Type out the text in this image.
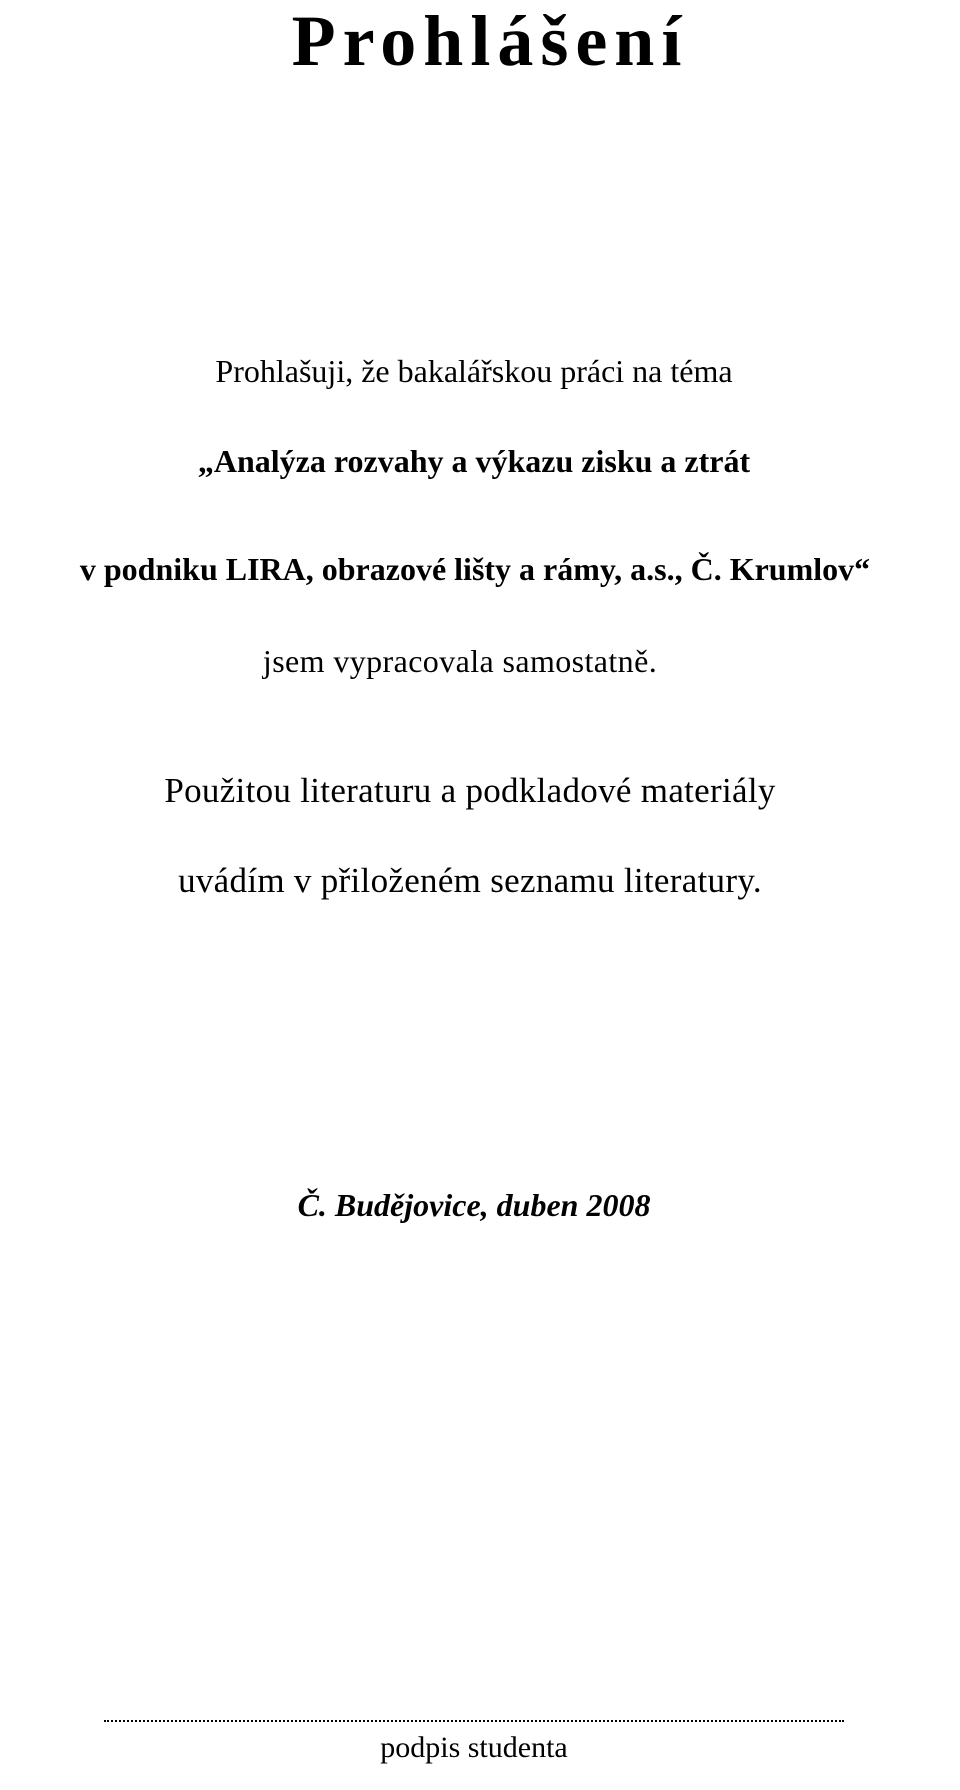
Prohlášení

Prohlašuji, že bakalářskou práci na téma

„Analýza rozvahy a výkazu zisku a ztrát

v podniku LIRA, obrazové lišty a rámy, a.s., Č. Krumlov“

jsem vypracovala samostatně.

Použitou literaturu a podkladové materiály

uvádím v přiloženém seznamu literatury.

Č. Budějovice, duben 2008

podpis studenta
